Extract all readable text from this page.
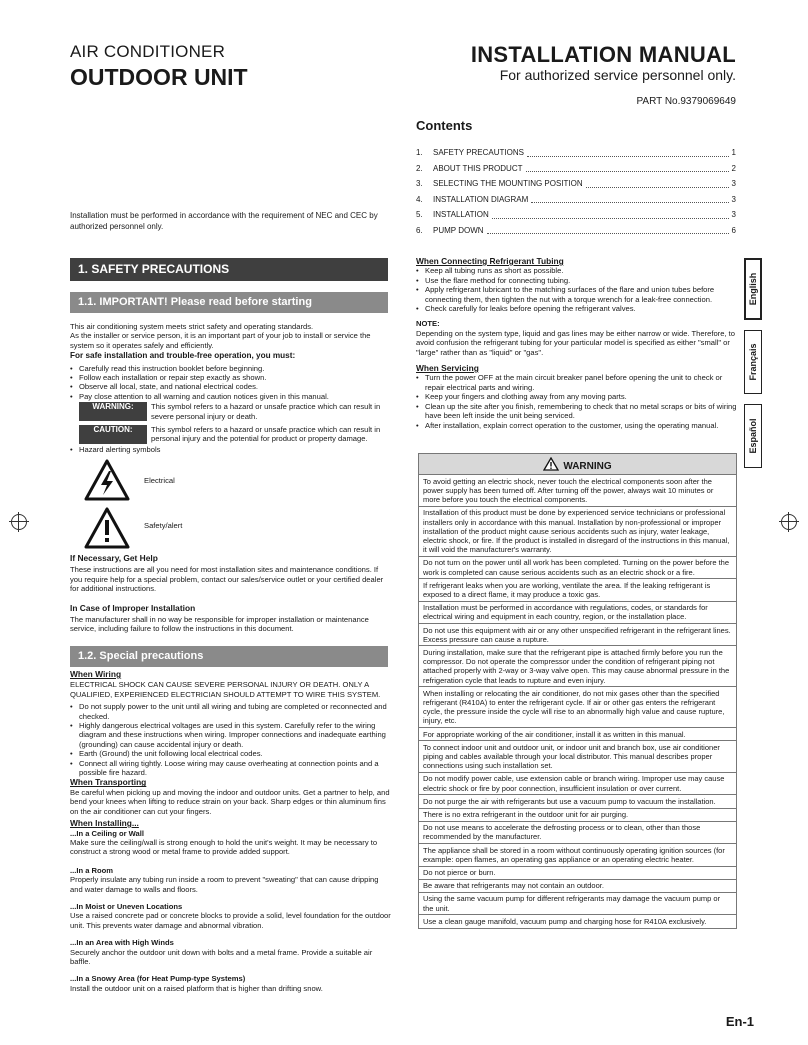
AIR CONDITIONER
OUTDOOR UNIT
INSTALLATION MANUAL
For authorized service personnel only.
PART No.9379069649
Contents
1.	SAFETY PRECAUTIONS	1
2.	ABOUT THIS PRODUCT	2
3.	SELECTING THE MOUNTING POSITION	3
4.	INSTALLATION DIAGRAM	3
5.	INSTALLATION	3
6.	PUMP DOWN	6
Installation must be performed in accordance with the requirement of NEC and CEC by authorized personnel only.
1. SAFETY PRECAUTIONS
1.1. IMPORTANT! Please read before starting
This air conditioning system meets strict safety and operating standards.
As the installer or service person, it is an important part of your job to install or service the system so it operates safely and efficiently.
For safe installation and trouble-free operation, you must:
• Carefully read this instruction booklet before beginning.
• Follow each installation or repair step exactly as shown.
• Observe all local, state, and national electrical codes.
• Pay close attention to all warning and caution notices given in this manual.
WARNING:	This symbol refers to a hazard or unsafe practice which can result in severe personal injury or death.
CAUTION:	This symbol refers to a hazard or unsafe practice which can result in personal injury and the potential for product or property damage.
• Hazard alerting symbols
Electrical
Safety/alert
If Necessary, Get Help
These instructions are all you need for most installation sites and maintenance conditions. If you require help for a special problem, contact our sales/service outlet or your certified dealer for additional instructions.
In Case of Improper Installation
The manufacturer shall in no way be responsible for improper installation or maintenance service, including failure to follow the instructions in this document.
1.2. Special precautions
When Wiring
ELECTRICAL SHOCK CAN CAUSE SEVERE PERSONAL INJURY OR DEATH. ONLY A QUALIFIED, EXPERIENCED ELECTRICIAN SHOULD ATTEMPT TO WIRE THIS SYSTEM.
• Do not supply power to the unit until all wiring and tubing are completed or reconnected and checked.
• Highly dangerous electrical voltages are used in this system. Carefully refer to the wiring diagram and these instructions when wiring. Improper connections and inadequate earthing (grounding) can cause accidental injury or death.
• Earth (Ground) the unit following local electrical codes.
• Connect all wiring tightly. Loose wiring may cause overheating at connection points and a possible fire hazard.
When Transporting
Be careful when picking up and moving the indoor and outdoor units. Get a partner to help, and bend your knees when lifting to reduce strain on your back. Sharp edges or thin aluminum fins on the air conditioner can cut your fingers.
When Installing...
...In a Ceiling or Wall
Make sure the ceiling/wall is strong enough to hold the unit's weight. It may be necessary to construct a strong wood or metal frame to provide added support.
...In a Room
Properly insulate any tubing run inside a room to prevent "sweating" that can cause dripping and water damage to walls and floors.
...In Moist or Uneven Locations
Use a raised concrete pad or concrete blocks to provide a solid, level foundation for the outdoor unit. This prevents water damage and abnormal vibration.
...In an Area with High Winds
Securely anchor the outdoor unit down with bolts and a metal frame. Provide a suitable air baffle.
...In a Snowy Area (for Heat Pump-type Systems)
Install the outdoor unit on a raised platform that is higher than drifting snow.
When Connecting Refrigerant Tubing
• Keep all tubing runs as short as possible.
• Use the flare method for connecting tubing.
• Apply refrigerant lubricant to the matching surfaces of the flare and union tubes before connecting them, then tighten the nut with a torque wrench for a leak-free connection.
• Check carefully for leaks before opening the refrigerant valves.
NOTE:
Depending on the system type, liquid and gas lines may be either narrow or wide. Therefore, to avoid confusion the refrigerant tubing for your particular model is specified as either "small" or "large" rather than as "liquid" or "gas".
When Servicing
• Turn the power OFF at the main circuit breaker panel before opening the unit to check or repair electrical parts and wiring.
• Keep your fingers and clothing away from any moving parts.
• Clean up the site after you finish, remembering to check that no metal scraps or bits of wiring have been left inside the unit being serviced.
• After installation, explain correct operation to the customer, using the operating manual.
English
Français
Español
WARNING
To avoid getting an electric shock, never touch the electrical components soon after the power supply has been turned off. After turning off the power, always wait 10 minutes or more before you touch the electrical components.
Installation of this product must be done by experienced service technicians or professional installers only in accordance with this manual. Installation by non-professional or improper installation of the product might cause serious accidents such as injury, water leakage, electric shock, or fire. If the product is installed in disregard of the instructions in this manual, it will void the manufacturer's warranty.
Do not turn on the power until all work has been completed. Turning on the power before the work is completed can cause serious accidents such as an electric shock or a fire.
If refrigerant leaks when you are working, ventilate the area. If the leaking refrigerant is exposed to a direct flame, it may produce a toxic gas.
Installation must be performed in accordance with regulations, codes, or standards for electrical wiring and equipment in each country, region, or the installation place.
Do not use this equipment with air or any other unspecified refrigerant in the refrigerant lines. Excess pressure can cause a rupture.
During installation, make sure that the refrigerant pipe is attached firmly before you run the compressor. Do not operate the compressor under the condition of refrigerant piping not attached properly with 2-way or 3-way valve open. This may cause abnormal pressure in the refrigeration cycle that leads to rupture and even injury.
When installing or relocating the air conditioner, do not mix gases other than the specified refrigerant (R410A) to enter the refrigerant cycle. If air or other gas enters the refrigerant cycle, the pressure inside the cycle will rise to an abnormally high value and cause rupture, injury, etc.
For appropriate working of the air conditioner, install it as written in this manual.
To connect indoor unit and outdoor unit, or indoor unit and branch box, use air conditioner piping and cables available through your local distributor. This manual describes proper connections using such installation set.
Do not modify power cable, use extension cable or branch wiring. Improper use may cause electric shock or fire by poor connection, insufficient insulation or over current.
Do not purge the air with refrigerants but use a vacuum pump to vacuum the installation.
There is no extra refrigerant in the outdoor unit for air purging.
Do not use means to accelerate the defrosting process or to clean, other than those recommended by the manufacturer.
The appliance shall be stored in a room without continuously operating ignition sources (for example: open flames, an operating gas appliance or an operating electric heater.
Do not pierce or burn.
Be aware that refrigerants may not contain an outdoor.
Using the same vacuum pump for different refrigerants may damage the vacuum pump or the unit.
Use a clean gauge manifold, vacuum pump and charging hose for R410A exclusively.
En-1
